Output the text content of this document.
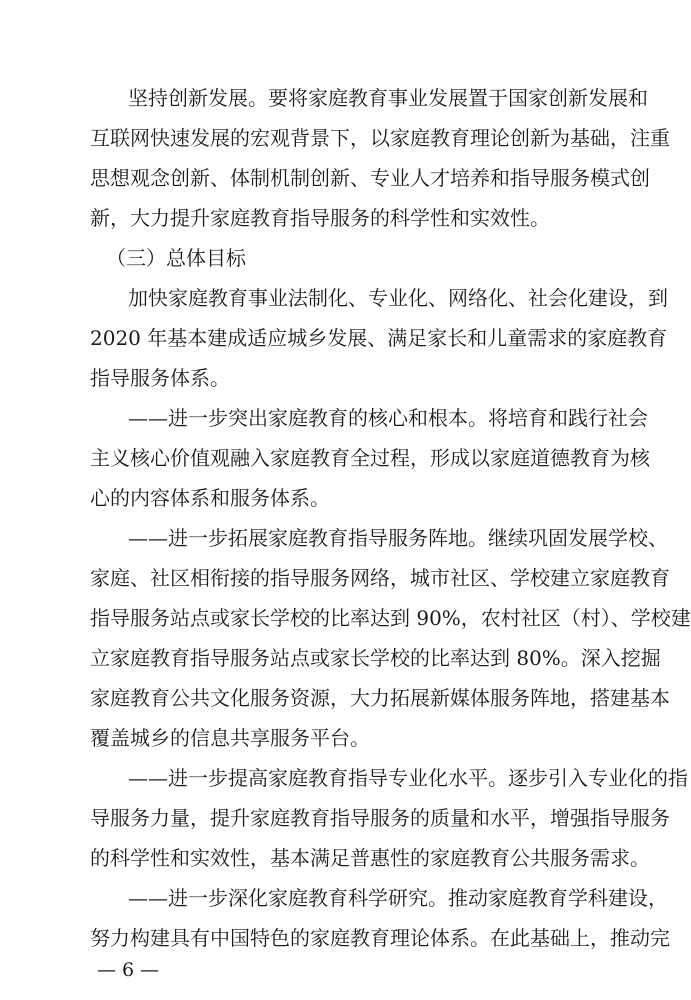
坚持创新发展。要将家庭教育事业发展置于国家创新发展和
互联网快速发展的宏观背景下，以家庭教育理论创新为基础，注重
思想观念创新、体制机制创新、专业人才培养和指导服务模式创
新，大力提升家庭教育指导服务的科学性和实效性。
（三）总体目标
加快家庭教育事业法制化、专业化、网络化、社会化建设，到
2020 年基本建成适应城乡发展、满足家长和儿童需求的家庭教育
指导服务体系。
——进一步突出家庭教育的核心和根本。将培育和践行社会
主义核心价值观融入家庭教育全过程，形成以家庭道德教育为核
心的内容体系和服务体系。
——进一步拓展家庭教育指导服务阵地。继续巩固发展学校、
家庭、社区相衔接的指导服务网络，城市社区、学校建立家庭教育
指导服务站点或家长学校的比率达到 90%，农村社区（村）、学校建
立家庭教育指导服务站点或家长学校的比率达到 80%。深入挖掘
家庭教育公共文化服务资源，大力拓展新媒体服务阵地，搭建基本
覆盖城乡的信息共享服务平台。
——进一步提高家庭教育指导专业化水平。逐步引入专业化的指
导服务力量，提升家庭教育指导服务的质量和水平，增强指导服务
的科学性和实效性，基本满足普惠性的家庭教育公共服务需求。
——进一步深化家庭教育科学研究。推动家庭教育学科建设，
努力构建具有中国特色的家庭教育理论体系。在此基础上，推动完
— 6 —
